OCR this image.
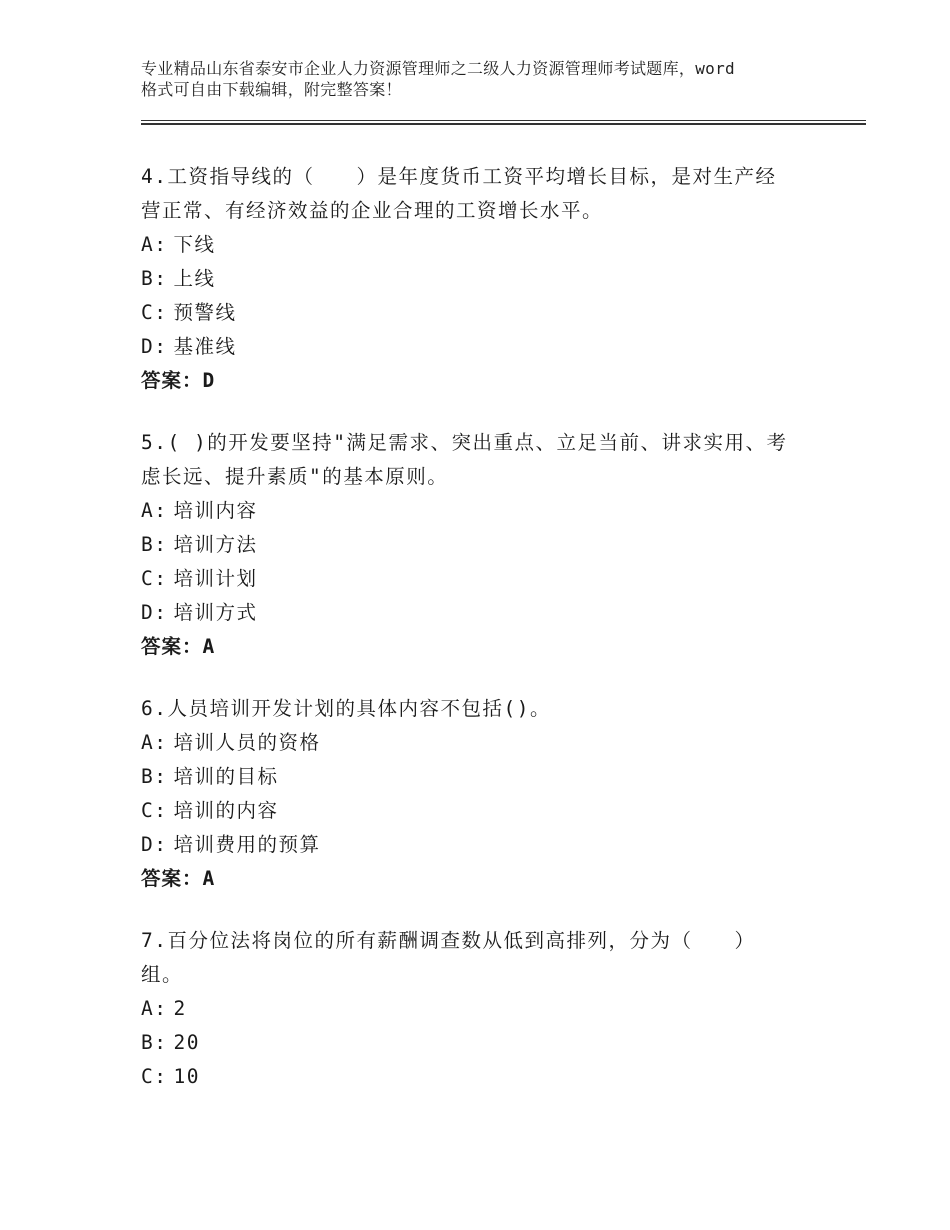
专业精品山东省泰安市企业人力资源管理师之二级人力资源管理师考试题库，word
格式可自由下载编辑，附完整答案！

4.工资指导线的（　　）是年度货币工资平均增长目标，是对生产经

营正常、有经济效益的企业合理的工资增长水平。

A: 下线

B: 上线

C: 预警线

D: 基准线

答案：D

5.( )的开发要坚持"满足需求、突出重点、立足当前、讲求实用、考

虑长远、提升素质"的基本原则。

A: 培训内容

B: 培训方法

C: 培训计划

D: 培训方式

答案：A

6.人员培训开发计划的具体内容不包括()。

A: 培训人员的资格

B: 培训的目标

C: 培训的内容

D: 培训费用的预算

答案：A

7.百分位法将岗位的所有薪酬调查数从低到高排列，分为（　　）

组。

A: 2

B: 20

C: 10
